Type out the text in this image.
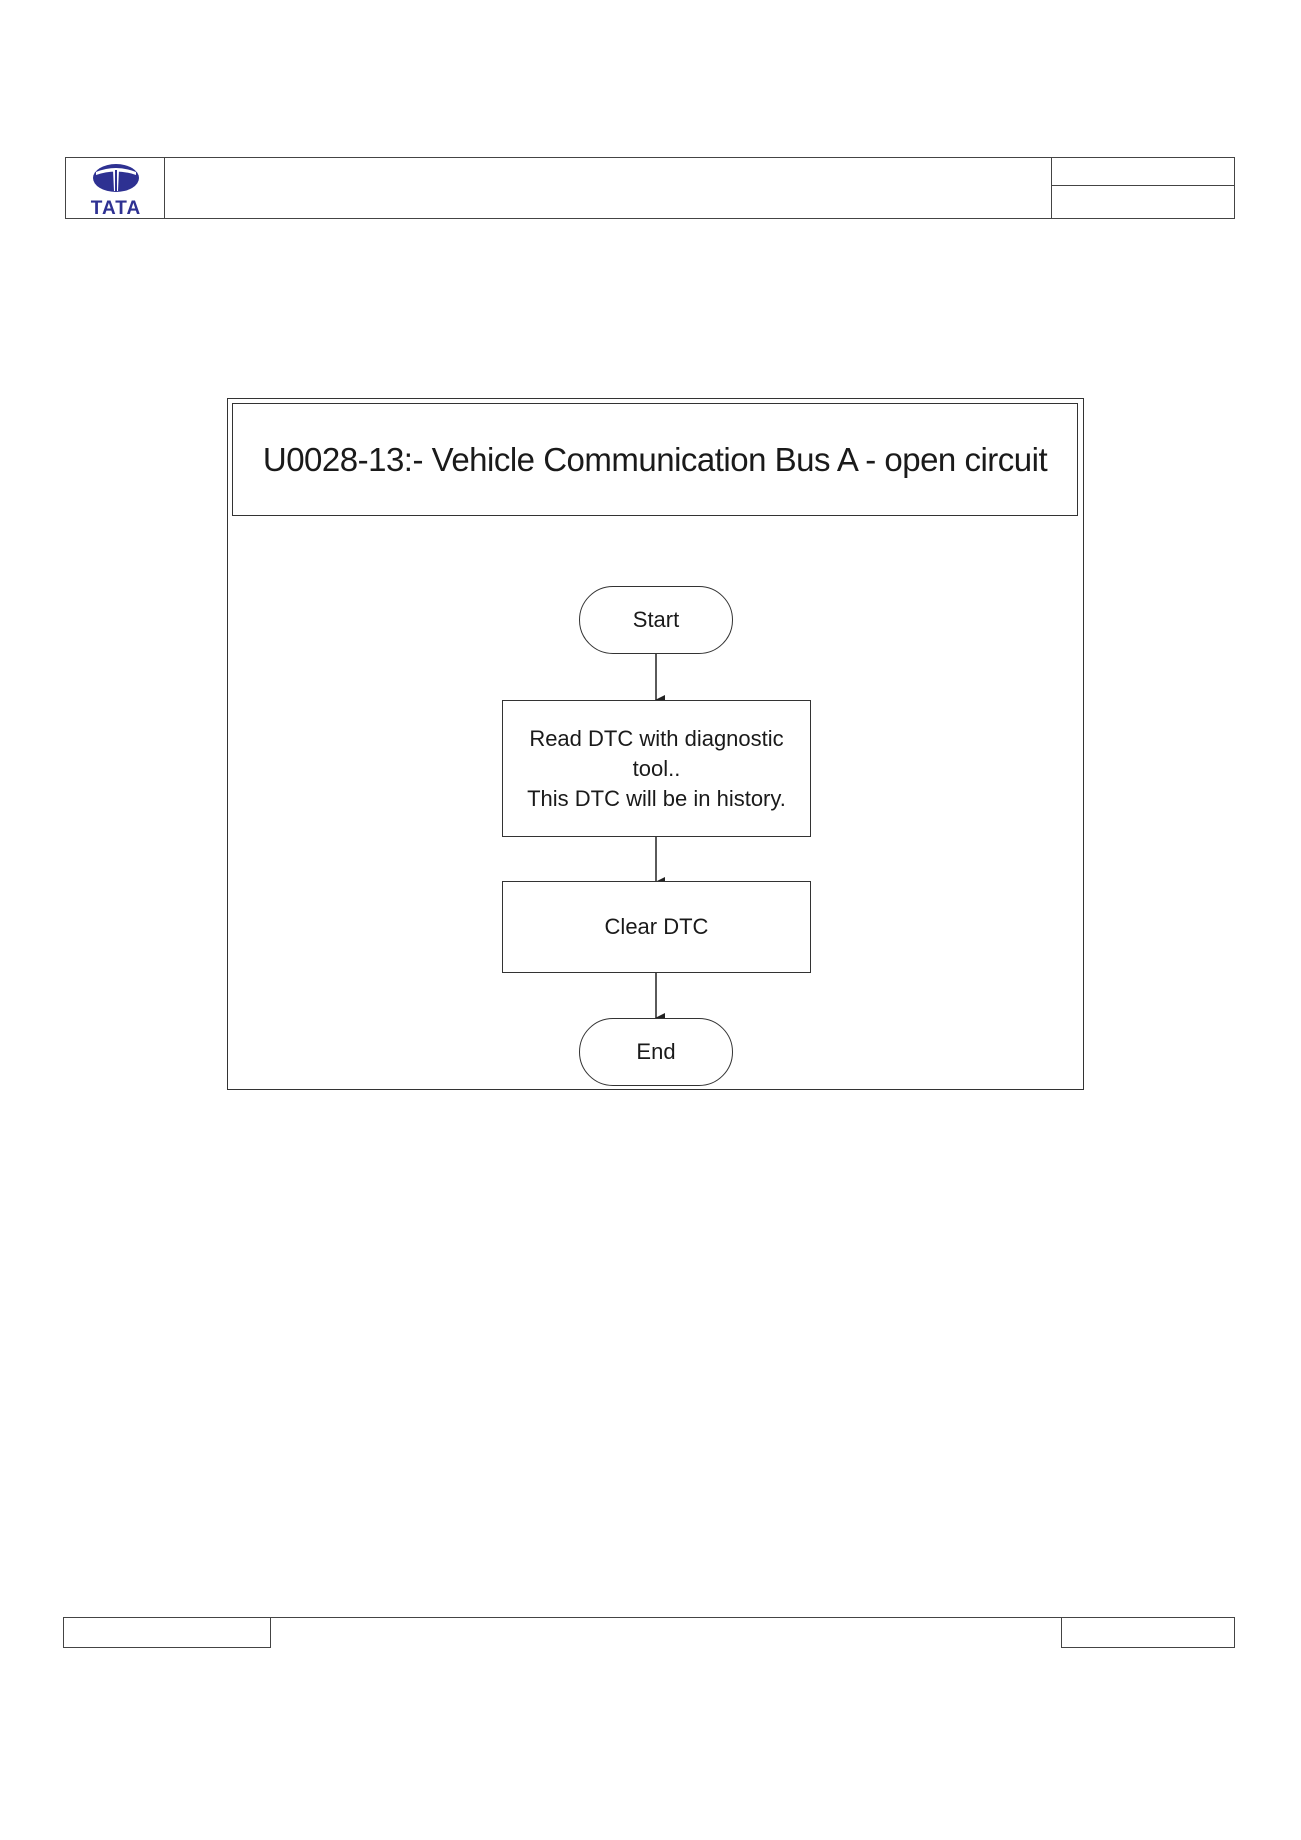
TATA
U0028-13:- Vehicle Communication Bus A - open circuit
Start
Read DTC with diagnostic
tool..
This DTC will be in history.
Clear DTC
End
